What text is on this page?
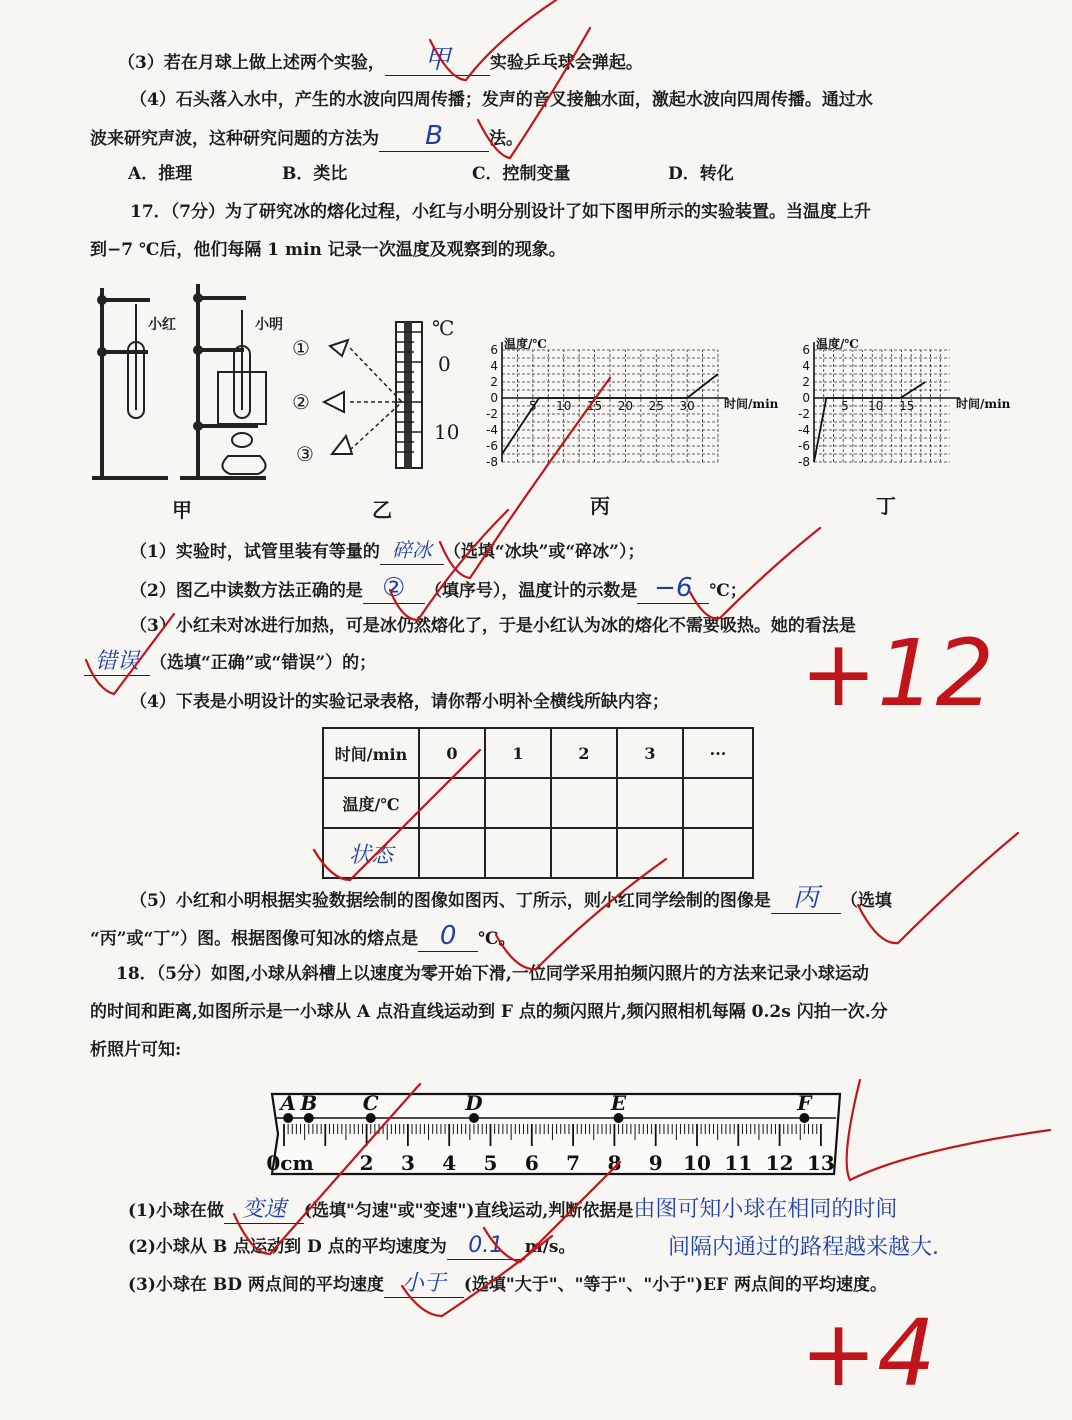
（3）若在月球上做上述两个实验， 甲 实验乒乓球会弹起。
（4）石头落入水中，产生的水波向四周传播；发声的音叉接触水面，激起水波向四周传播。通过水
波来研究声波，这种研究问题的方法为 B	法。
A．推理	B．类比	C．控制变量	D．转化
17．（7分）为了研究冰的熔化过程，小红与小明分别设计了如下图甲所示的实验装置。当温度上升
到−7 ℃后，他们每隔 1 min 记录一次温度及观察到的现象。
小红	小明
甲
①
②
③
℃
0
10
乙
6
4
2
0
-2
-4
-6
-8
5 10 15 20 25 30
温度/℃
时间/min
丙
6
4
2
0
-2
-4
-6
-8
5 10 15
温度/℃
时间/min
丁
（1）实验时，试管里装有等量的 碎冰 （选填“冰块”或“碎冰”）；
（2）图乙中读数方法正确的是 ② （填序号），温度计的示数是 −6 ℃；
（3）小红未对冰进行加热，可是冰仍然熔化了，于是小红认为冰的熔化不需要吸热。她的看法是
错误 （选填“正确”或“错误”）的；
（4）下表是小明设计的实验记录表格，请你帮小明补全横线所缺内容；
时间/min	0	1	2	3	···
温度/℃					
状态					
（5）小红和小明根据实验数据绘制的图像如图丙、丁所示，则小红同学绘制的图像是 丙 （选填
“丙”或“丁”）图。根据图像可知冰的熔点是 0 ℃。
18．（5分）如图,小球从斜槽上以速度为零开始下滑,一位同学采用拍频闪照片的方法来记录小球运动
的时间和距离,如图所示是一小球从 A 点沿直线运动到 F 点的频闪照片,频闪照相机每隔 0.2s 闪拍一次.分
析照片可知:
0cm 2 3 4 5 6 7 8 9 10 11 12 13
A B C	D	E	F
(1)小球在做 变速 (选填"匀速"或"变速")直线运动,判断依据是由图可知小球在相同的时间
(2)小球从 B 点运动到 D 点的平均速度为 0.1 m/s。	间隔内通过的路程越来越大.
(3)小球在 BD 两点间的平均速度 小于 (选填"大于"、"等于"、"小于")EF 两点间的平均速度。
+12
+4
